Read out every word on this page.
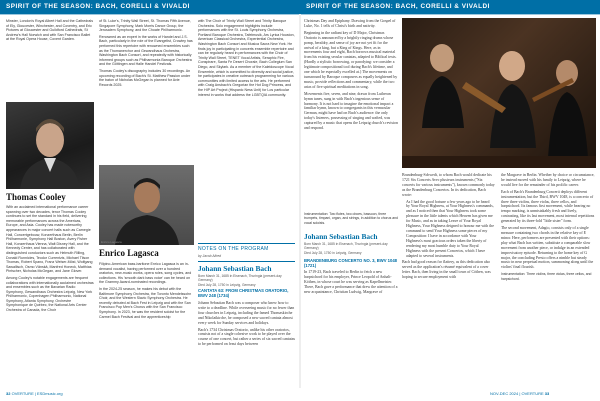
SPIRIT OF THE SEASON: BACH, CORELLI & VIVALDI	SPIRIT OF THE SEASON: BACH, CORELLI & VIVALDI

Minster, London's Royal Albert Hall and the Cathedrals of Ely, Gloucester, Winchester, and Coventry, and Eric Pictures at Gloucester and Guildford Cathedrals, St Andrew's Hall Norwich and with San Francisco Ballet at the Royal Opera House, Covent Garden.

Thomas Cooley

With an acclaimed international performance career spanning over two decades, tenor Thomas Cooley continues to set the standard in his field, delivering memorable performances across the Americas, Europe, and Asia. Cooley has made noteworthy appearances in major concert halls such as Carnegie Hall, Concertgebouw, Konzerthaus Berlin, Berlin Philharmonie, Symphony Hall Boston, Avery Fisher Hall, Konzerthaus Vienna, Walt Disney Hall, and the Kennedy Center, and has collaborated with distinguished conductors such as Helmuth Rilling, Donald Runnicles, Teodor Currentzis, Michael Tilson Thomas, Robert Spano, Franz Welser-Möst, Wolfgang Sawallisch, Osmo Vänskä, Manfred Honeck, Matthias Pintscher, Nicholas McGegan, and Jane Glover.

Among Cooley's notable engagements are frequent collaborations with internationally acclaimed orchestras and ensembles such as the Bavarian Radio Symphony, Gewandhaus Orchestra Leipzig, New York Philharmonic, Copenhagen Philharmonic, National Symphony, Atlanta Symphony, Orchestre Symphonique de Québec, the National Arts Center Orchestra of Canada, the Choir

of St. Luke's, Trinity Wall Street, St. Thomas Fifth Avenue, Singapore Symphony, Mark Morris Dance Group, the Jerusalem Symphony, and the Choate Philharmonic.

Renowned as an expert in the works of Handel and J.S. Bach, particularly in the role of the Evangelist, Crowley has performed this repertoire with renowned ensembles such as the Thomanerchor and Gewandhaus Orchestra, Washington Bach Consort, and repeatedly with historically informed groups such as Philharmonia Baroque Orchestra and the Göttingen and Halle Handel Festivals.

Thomas Cooley's discography includes 30 recordings. An upcoming recording of Bach's St. Matthew Passion under the baton of Nicholas McGegan is planned for Avie Records 2025.

Enrico Lagasca
Enrico Lagasca

Filipino-American bass-baritone Enrico Lagasca is an in-demand vocalist, having performed over a hundred oratorios, new-music works, opera roles, song cycles, and collections. His 'smooth dark bass voice' can be heard on the Grammy Award-nominated recordings.

In the 2024-25 season, he makes his debut with the Baltimore Symphony Orchestra, the Toronto Mendelssohn Choir, and the Western Slavic Symphony Orchestra. He recently debuted at Bach Fest in Leipzig and with the San Francisco Pop Men's Chorus with the San Francisco Symphony. In 2023, he was the resident soloist for the Carmel Bach Festival and the apprenticeship

with The Choir of Trinity Wall Street and Trinity Baroque Orchestra. Solo engagement highlights include performances with the St. Louis Symphony Orchestra, Portland Baroque Orchestra, Tafelmusik, Ars Lyrica Houston, American Classical Orchestra, Experiential Orchestra, Washington Bach Consort and Musica Sacra New York. He finds joy in participating in concerts ensemble repertoire and can be regularly heard in performances with the Choir of Trinity Wall Street, TENET Vocal Artists, Seraphic Fire, Conspirare, Santa Fe Desert Chorale, Bach Collegium San Diego, and Skylark. As a member of the Kaleidoscope Vocal Ensemble, which is committed to diversity and social justice, he participates in creative outreach programming for various communities with limited access to the arts. He performed with Craig Ansbach's Gregorian the Hot Dog Princess, and the HIP Art Project (Hispanic Ness Unit) for Los particular interest in works that address the LGBTQIA community.

NOTES ON THE PROGRAM
by Jacob Allred
Johann Sebastian Bach
Born March 31, 1685 in Eisenach, Thuringia (present-day Germany)
Died July 28, 1750 in Leipzig, Germany
CANTATA 63: FROM CHRISTMAS ORATORIO, BWV 248 (1734)

Johann Sebastian Bach was a composer who knew how to write to a deadline. While overseeing music for no fewer than four churches in Leipzig, including the famed Thomaskirche and Nikolaikirche, he composed a new sacred cantata almost every week for Sunday services and holidays.

Bach's 1734 Christmas Oratorio, unlike his other oratorios, consists not of a single cohesive work to be played over the course of one concert, but rather a series of six sacred cantatas to be performed on feast days between

Christmas Day and Epiphany. Drawing from the Gospel of Luke, No. 1 tells of Christ's birth and nativity.

Beginning in the radiant key of D Major, Christmas Oratorio is announced by a brightly ringing drums whose pomp, heraldry, and sense of joy are not yet fit for the arrival of a king, but a King of Kings. Here, as in movements four and eight, Bach borrows musical material from his existing secular cantatas, adapted to Biblical texts. (Hardly a stylistic borrowing, or parodying: we consider a legitimate compositional tool during Bach's lifetime, and one which he especially excelled at.) The movements on turnaround by Baroque composers as equally heightened by music, provide reflections and commentary, while the two arias of five spiritual meditations in song.

Movements five, seven, and nine, drawn from Lutheran hymn tunes, sung in with Bach's ingenious sense of harmony. It is not hard to imagine the emotional impact a familiar hymn, known to congregants in this vernacular German, might have had on Bach's audience: the only today's listeners, possessing of singing and wafted, was captured by a music that opens the Leipzig church's revision and respond.

Instrumentation: Two flutes, two oboes, bassoon, three trumpets, timpani, organ, and strings, in addition to chorus and vocal soloists.
Johann Sebastian Bach
Born March 31, 1685 in Eisenach, Thuringia (present-day Germany)
Died July 28, 1750 in Leipzig, Germany
BRANDENBURG CONCERTO NO. 3, BWV 1048 (1721)

In 1719-23, Bach traveled to Berlin to fetch a new harpsichord for his employer, Prince Leopold of Anhalt-Köthen, in whose court he was serving as Kapellmeister. There, Bach gave a performance that drew the attention of a new acquaintance, Christian Ludwig, Margrave of

Brandenburg-Schwedt, to whom Bach would dedicate his 1721 Six Concerts Avec plusieurs instruments ("Six concerts for various instruments"), known commonly today as the Brandenburg Concertos. In its dedication, Bach wrote:

As I had the good fortune a few years ago to be heard by Your Royal Highness, at Your Highness's commands, and as I noticed then that Your Highness took some pleasure in the little talents which Heaven has given me for Music, and as in taking Leave of Your Royal Highness, Your Highness deigned to honour me with the command to send Your Highness some pieces of my Composition: I have in accordance with Your Highness's most gracious orders taken the liberty of rendering my most humble duty to Your Royal Highness with the present Concertos, which I have adapted to several instruments.

Bach had good reason for flattery, as this dedication also served as the application's résumé equivalent of a cover letter. Bach, then living in the small town of Cöthen, was hoping to secure employment with

the Margrave in Berlin. Whether by choice or circumstance, he instead moved with his family to Leipzig, where he would live for the remainder of his prolific career.

Each of Bach's Brandenburg Concerti deploys different instrumentation, but the Third, BWV 1048, is a concerto of three three violins, three violas, three cellos, and harpsichord. Its famous first movement, while bearing no tempo marking, is unmistakably fresh and lively, contrasting, like its last movement, most internal repetitions generated by its three-fold "little sister" form.

The second movement, Adagio, consists only of a single measure containing two chords in the relative key of E minor. Here, performers are presented with their options: play what Bach has written, substitute a comparable slow movement from another piece, or indulge in an extended improvisatory episode. Returning to the home key of G major, the concluding Presto offers a nimble but steady music in near perpetual motion, summoning along until the violins' final flourish.

Instrumentation: Three violins, three violas, three cellos, and harpsichord.

32 OVERTURE | ESDmusic.org	NOV-DEC 2024 | OVERTURE 33
